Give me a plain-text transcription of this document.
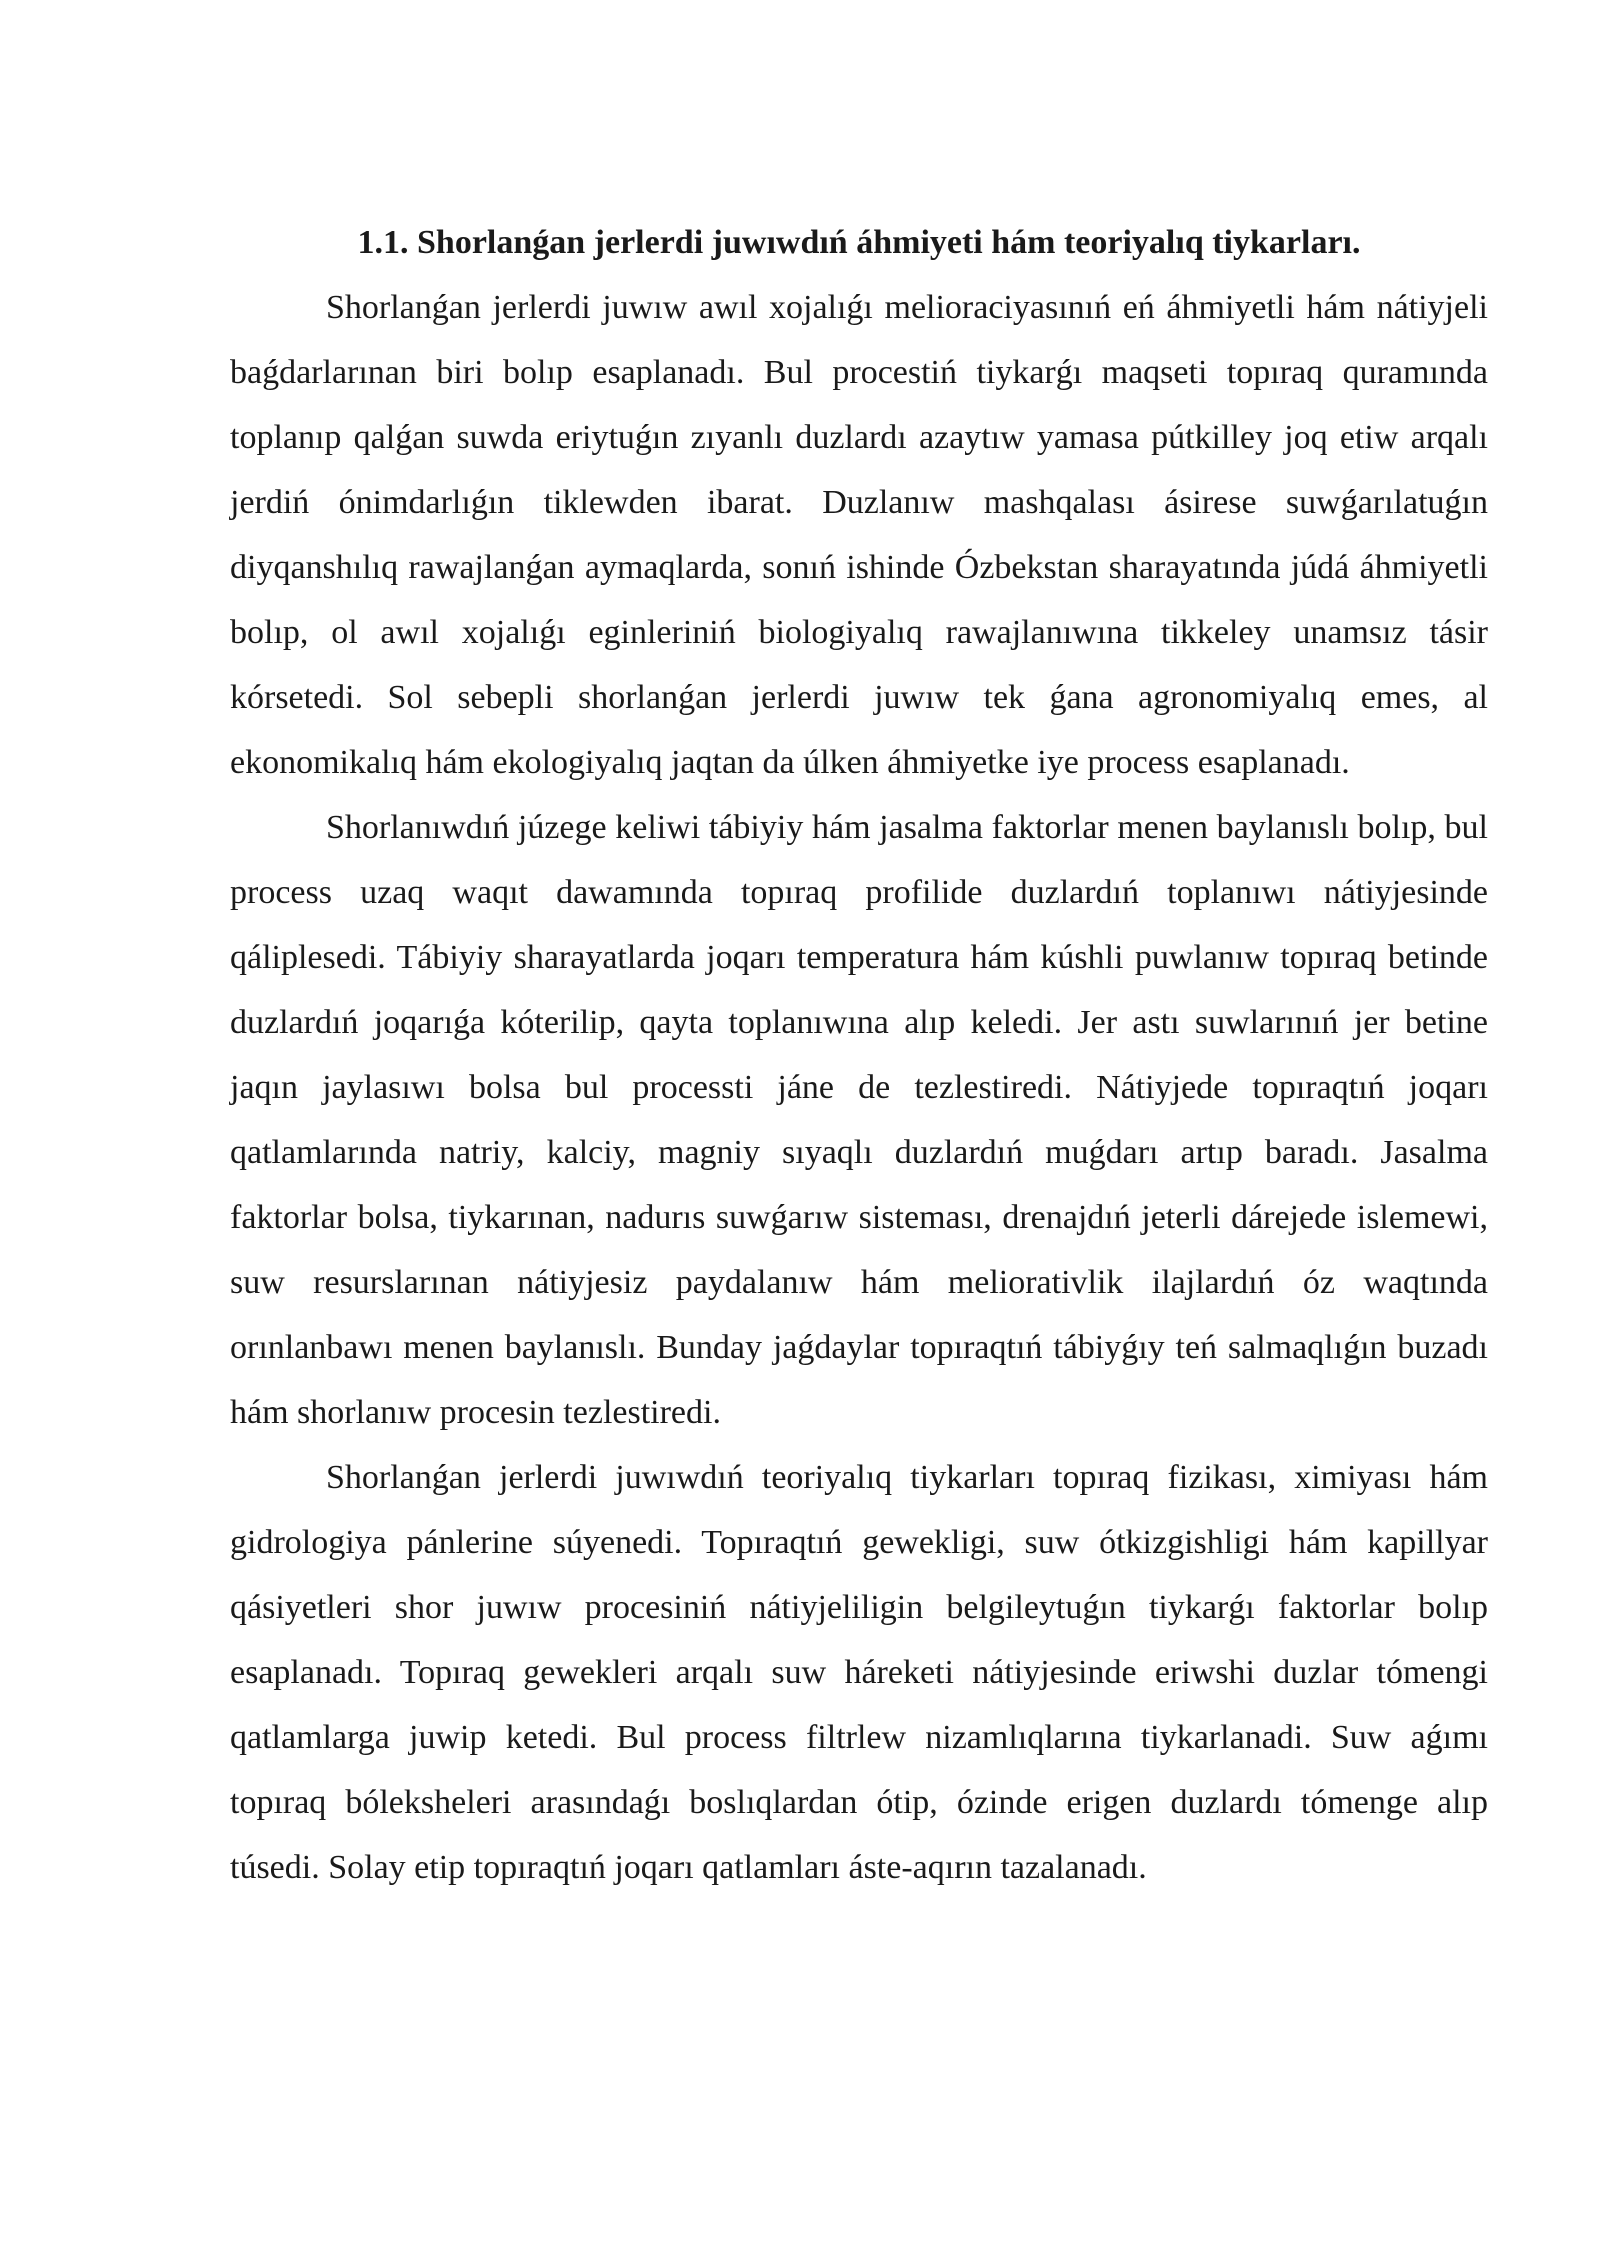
1.1. Shorlanǵan jerlerdi juwıwdıń áhmiyeti hám teoriyalıq tiykarları.

Shorlanǵan jerlerdi juwıw awıl xojalıǵı melioraciyasınıń eń áhmiyetli hám nátiyjeli baǵdarlarınan biri bolıp esaplanadı. Bul procestiń tiykarǵı maqseti topıraq quramında toplanıp qalǵan suwda eriytuǵın zıyanlı duzlardı azaytıw yamasa pútkilley joq etiw arqalı jerdiń ónimdarlıǵın tiklewden ibarat. Duzlanıw mashqalası ásirese suwǵarılatuǵın diyqanshılıq rawajlanǵan aymaqlarda, sonıń ishinde Ózbekstan sharayatında júdá áhmiyetli bolıp, ol awıl xojalıǵı eginleriniń biologiyalıq rawajlanıwına tikkeley unamsız tásir kórsetedi. Sol sebepli shorlanǵan jerlerdi juwıw tek ǵana agronomiyalıq emes, al ekonomikalıq hám ekologiyalıq jaqtan da úlken áhmiyetke iye process esaplanadı.

Shorlanıwdıń júzege keliwi tábiyiy hám jasalma faktorlar menen baylanıslı bolıp, bul process uzaq waqıt dawamında topıraq profilide duzlardıń toplanıwı nátiyjesinde qáliplesedi. Tábiyiy sharayatlarda joqarı temperatura hám kúshli puwlanıw topıraq betinde duzlardıń joqarıǵa kóterilip, qayta toplanıwına alıp keledi. Jer astı suwlarınıń jer betine jaqın jaylasıwı bolsa bul processti jáne de tezlestiredi. Nátiyjede topıraqtıń joqarı qatlamlarında natriy, kalciy, magniy sıyaqlı duzlardıń muǵdarı artıp baradı. Jasalma faktorlar bolsa, tiykarınan, nadurıs suwǵarıw sisteması, drenajdıń jeterli dárejede islemewi, suw resurslarınan nátiyjesiz paydalanıw hám meliorativlik ilajlardıń óz waqtında orınlanbawı menen baylanıslı. Bunday jaǵdaylar topıraqtıń tábiyǵıy teń salmaqlıǵın buzadı hám shorlanıw procesin tezlestiredi.

Shorlanǵan jerlerdi juwıwdıń teoriyalıq tiykarları topıraq fizikası, ximiyası hám gidrologiya pánlerine súyenedi. Topıraqtıń gewekligi, suw ótkizgishligi hám kapillyar qásiyetleri shor juwıw procesiniń nátiyjeliligin belgileytuǵın tiykarǵı faktorlar bolıp esaplanadı. Topıraq gewekleri arqalı suw háreketi nátiyjesinde eriwshi duzlar tómengi qatlamlarga juwip ketedi. Bul process filtrlew nizamlıqlarına tiykarlanadi. Suw aǵımı topıraq bóleksheleri arasındaǵı boslıqlardan ótip, ózinde erigen duzlardı tómenge alıp túsedi. Solay etip topıraqtıń joqarı qatlamları áste-aqırın tazalanadı.
